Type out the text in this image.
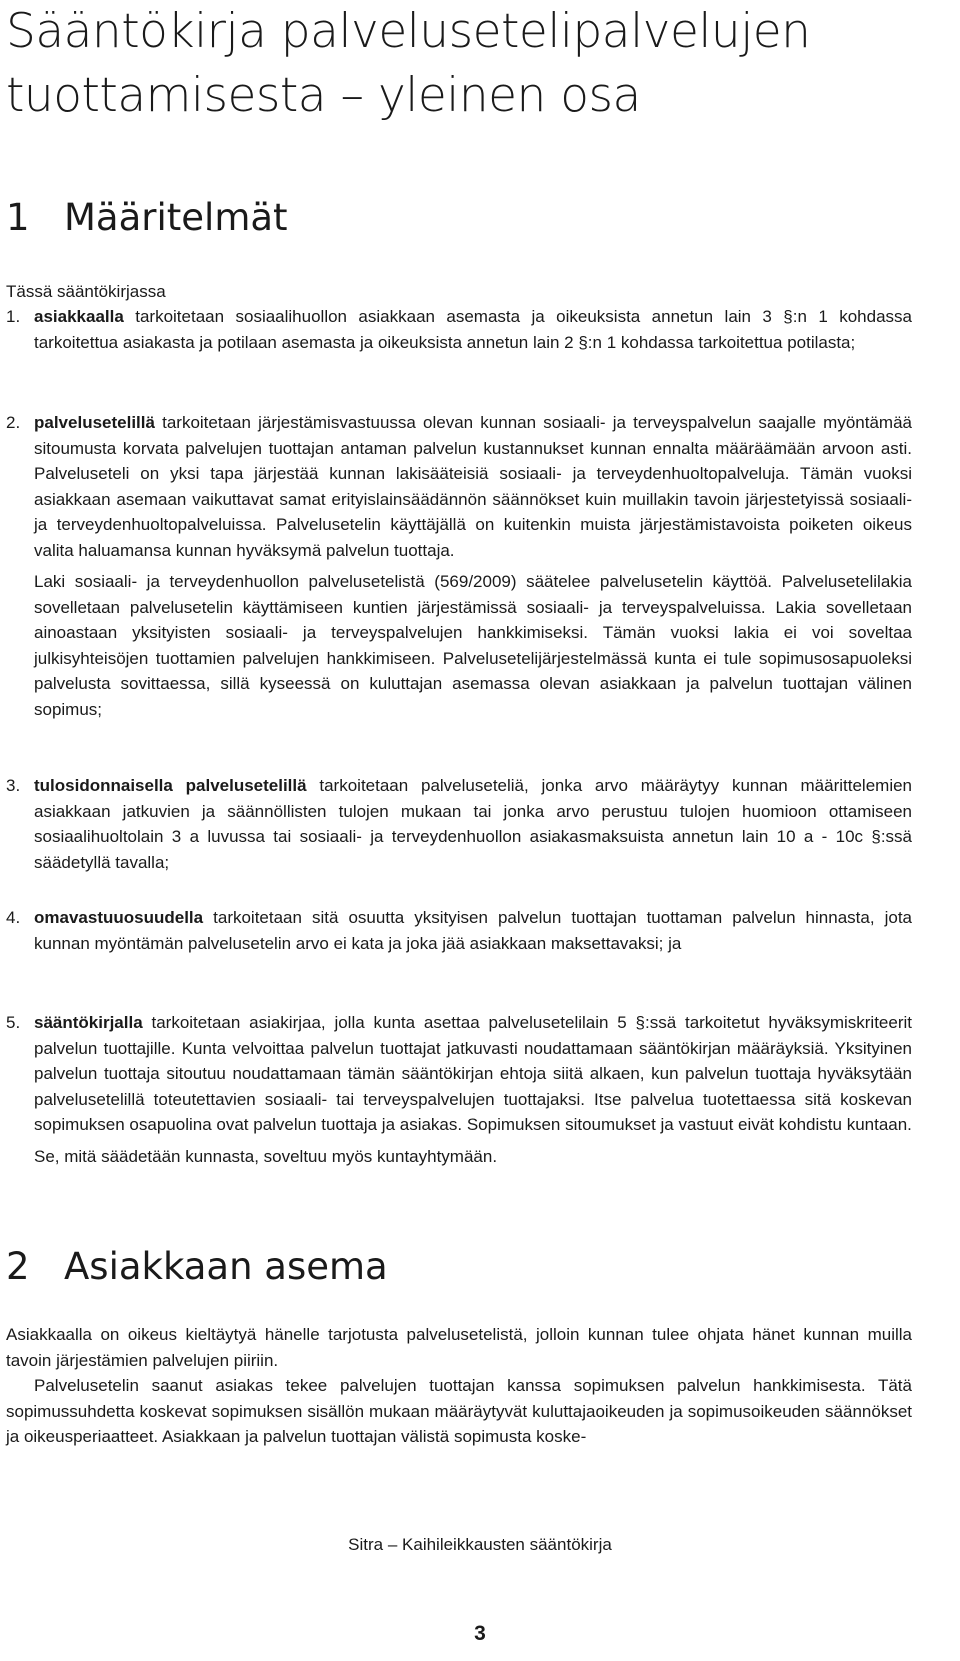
Sääntökirja palvelusetelipalvelujen tuottamisesta – yleinen osa
1 Määritelmät
Tässä sääntökirjassa
1. asiakkaalla tarkoitetaan sosiaalihuollon asiakkaan asemasta ja oikeuksista annetun lain 3 §:n 1 kohdassa tarkoitettua asiakasta ja potilaan asemasta ja oikeuksista annetun lain 2 §:n 1 kohdassa tarkoitettua potilasta;

2. palvelusetelillä tarkoitetaan järjestämisvastuussa olevan kunnan sosiaali- ja terveyspalvelun saajalle myöntämää sitoumusta korvata palvelujen tuottajan antaman palvelun kustannukset kunnan ennalta määräämään arvoon asti. Palveluseteli on yksi tapa järjestää kunnan lakisääteisiä sosiaali- ja terveydenhuoltopalveluja. Tämän vuoksi asiakkaan asemaan vaikuttavat samat erityislainsäädännön säännökset kuin muillakin tavoin järjestetyissä sosiaali- ja terveydenhuoltopalveluissa. Palvelusetelin käyttäjällä on kuitenkin muista järjestämistavoista poiketen oikeus valita haluamansa kunnan hyväksymä palvelun tuottaja.

Laki sosiaali- ja terveydenhuollon palvelusetelistä (569/2009) säätelee palvelusetelin käyttöä. Palvelusetelilakia sovelletaan palvelusetelin käyttämiseen kuntien järjestämissä sosiaali- ja terveyspalveluissa. Lakia sovelletaan ainoastaan yksityisten sosiaali- ja terveyspalvelujen hankkimiseksi. Tämän vuoksi lakia ei voi soveltaa julkisyhteisöjen tuottamien palvelujen hankkimiseen. Palvelusetelijärjestelmässä kunta ei tule sopimusosapuoleksi palvelusta sovittaessa, sillä kyseessä on kuluttajan asemassa olevan asiakkaan ja palvelun tuottajan välinen sopimus;

3. tulosidonnaisella palvelusetelillä tarkoitetaan palveluseteliä, jonka arvo määräytyy kunnan määrittelemien asiakkaan jatkuvien ja säännöllisten tulojen mukaan tai jonka arvo perustuu tulojen huomioon ottamiseen sosiaalihuoltolain 3 a luvussa tai sosiaali- ja terveydenhuollon asiakasmaksuista annetun lain 10 a - 10c §:ssä säädetyllä tavalla;

4. omavastuuosuudella tarkoitetaan sitä osuutta yksityisen palvelun tuottajan tuottaman palvelun hinnasta, jota kunnan myöntämän palvelusetelin arvo ei kata ja joka jää asiakkaan maksettavaksi; ja

5. sääntökirjalla tarkoitetaan asiakirjaa, jolla kunta asettaa palvelusetelilain 5 §:ssä tarkoitetut hyväksymiskriteerit palvelun tuottajille. Kunta velvoittaa palvelun tuottajat jatkuvasti noudattamaan sääntökirjan määräyksiä. Yksityinen palvelun tuottaja sitoutuu noudattamaan tämän sääntökirjan ehtoja siitä alkaen, kun palvelun tuottaja hyväksytään palvelusetelillä toteutettavien sosiaali- tai terveyspalvelujen tuottajaksi. Itse palvelua tuotettaessa sitä koskevan sopimuksen osapuolina ovat palvelun tuottaja ja asiakas. Sopimuksen sitoumukset ja vastuut eivät kohdistu kuntaan.

Se, mitä säädetään kunnasta, soveltuu myös kuntayhtymään.

2 Asiakkaan asema
Asiakkaalla on oikeus kieltäytyä hänelle tarjotusta palvelusetelistä, jolloin kunnan tulee ohjata hänet kunnan muilla tavoin järjestämien palvelujen piiriin.
Palvelusetelin saanut asiakas tekee palvelujen tuottajan kanssa sopimuksen palvelun hankkimisesta. Tätä sopimussuhdetta koskevat sopimuksen sisällön mukaan määräytyvät kuluttajaoikeuden ja sopimusoikeuden säännökset ja oikeusperiaatteet. Asiakkaan ja palvelun tuottajan välistä sopimusta koske-
Sitra – Kaihileikkausten sääntökirja
3
